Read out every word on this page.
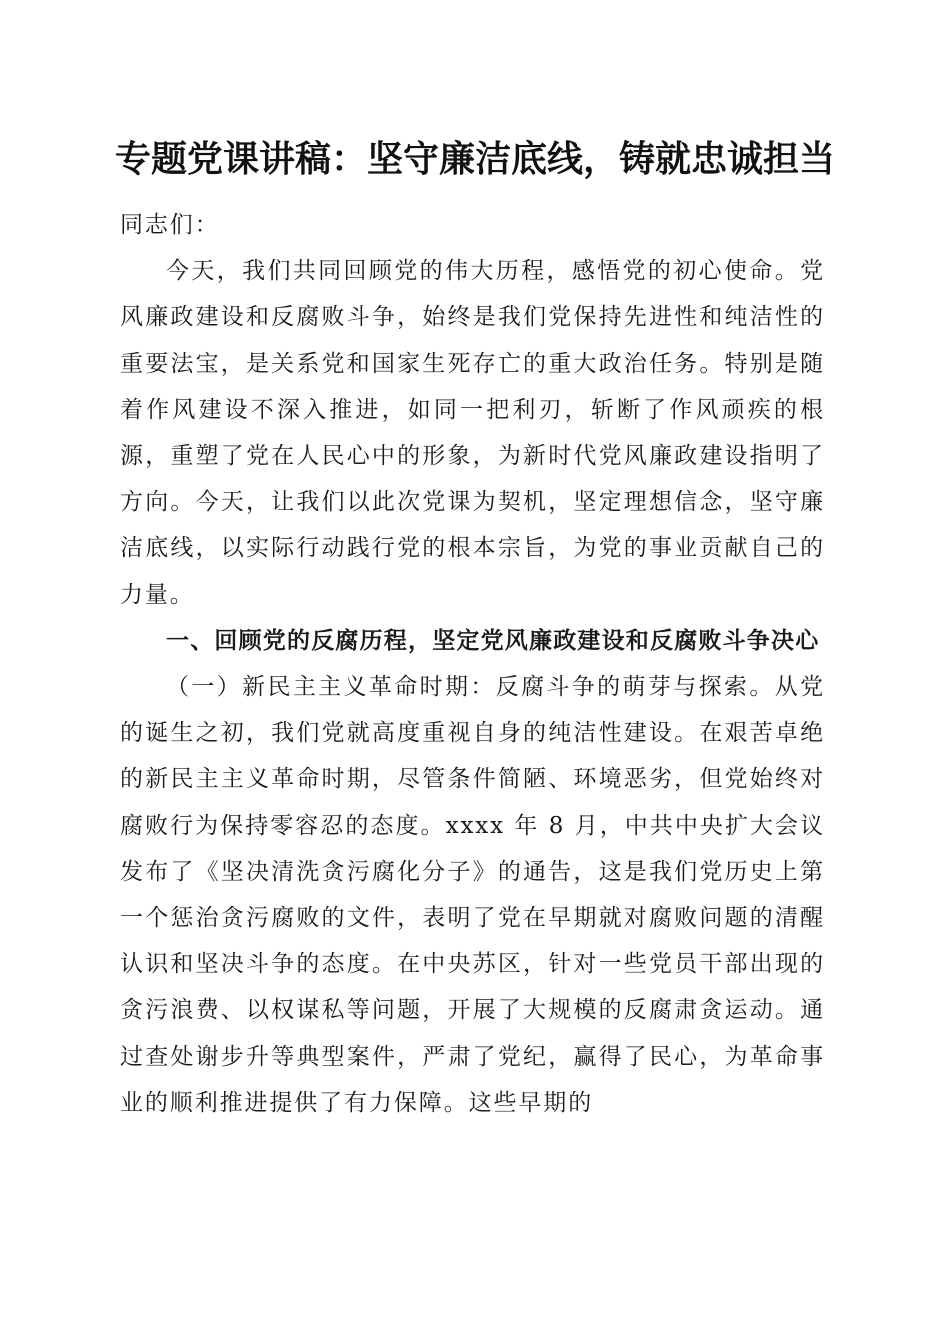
专题党课讲稿：坚守廉洁底线，铸就忠诚担当

同志们：

今天，我们共同回顾党的伟大历程，感悟党的初心使命。党风廉政建设和反腐败斗争，始终是我们党保持先进性和纯洁性的重要法宝，是关系党和国家生死存亡的重大政治任务。特别是随着作风建设不深入推进，如同一把利刃，斩断了作风顽疾的根源，重塑了党在人民心中的形象，为新时代党风廉政建设指明了方向。今天，让我们以此次党课为契机，坚定理想信念，坚守廉洁底线，以实际行动践行党的根本宗旨，为党的事业贡献自己的力量。

一、回顾党的反腐历程，坚定党风廉政建设和反腐败斗争决心

（一）新民主主义革命时期：反腐斗争的萌芽与探索。从党的诞生之初，我们党就高度重视自身的纯洁性建设。在艰苦卓绝的新民主主义革命时期，尽管条件简陋、环境恶劣，但党始终对腐败行为保持零容忍的态度。xxxx 年 8 月，中共中央扩大会议发布了《坚决清洗贪污腐化分子》的通告，这是我们党历史上第一个惩治贪污腐败的文件，表明了党在早期就对腐败问题的清醒认识和坚决斗争的态度。在中央苏区，针对一些党员干部出现的贪污浪费、以权谋私等问题，开展了大规模的反腐肃贪运动。通过查处谢步升等典型案件，严肃了党纪，赢得了民心，为革命事业的顺利推进提供了有力保障。这些早期的
